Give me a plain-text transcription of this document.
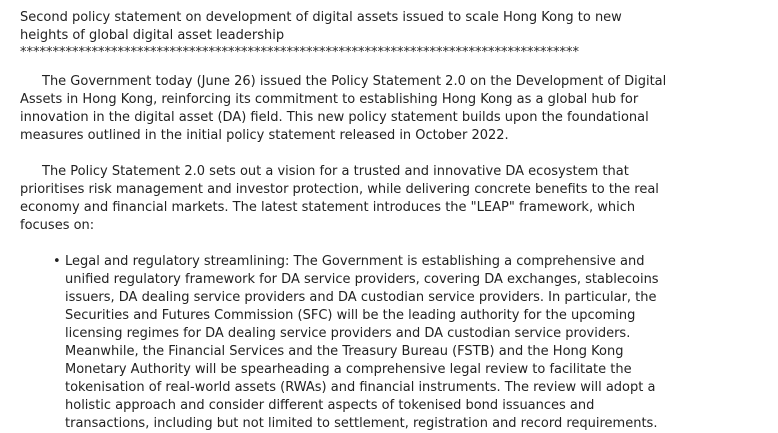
Second policy statement on development of digital assets issued to scale Hong Kong to new heights of global digital asset leadership
**************************************************************************************

The Government today (June 26) issued the Policy Statement 2.0 on the Development of Digital Assets in Hong Kong, reinforcing its commitment to establishing Hong Kong as a global hub for innovation in the digital asset (DA) field. This new policy statement builds upon the foundational measures outlined in the initial policy statement released in October 2022.

The Policy Statement 2.0 sets out a vision for a trusted and innovative DA ecosystem that prioritises risk management and investor protection, while delivering concrete benefits to the real economy and financial markets. The latest statement introduces the "LEAP" framework, which focuses on:

• Legal and regulatory streamlining: The Government is establishing a comprehensive and unified regulatory framework for DA service providers, covering DA exchanges, stablecoins issuers, DA dealing service providers and DA custodian service providers. In particular, the Securities and Futures Commission (SFC) will be the leading authority for the upcoming licensing regimes for DA dealing service providers and DA custodian service providers. Meanwhile, the Financial Services and the Treasury Bureau (FSTB) and the Hong Kong Monetary Authority will be spearheading a comprehensive legal review to facilitate the tokenisation of real-world assets (RWAs) and financial instruments. The review will adopt a holistic approach and consider different aspects of tokenised bond issuances and transactions, including but not limited to settlement, registration and record requirements.
